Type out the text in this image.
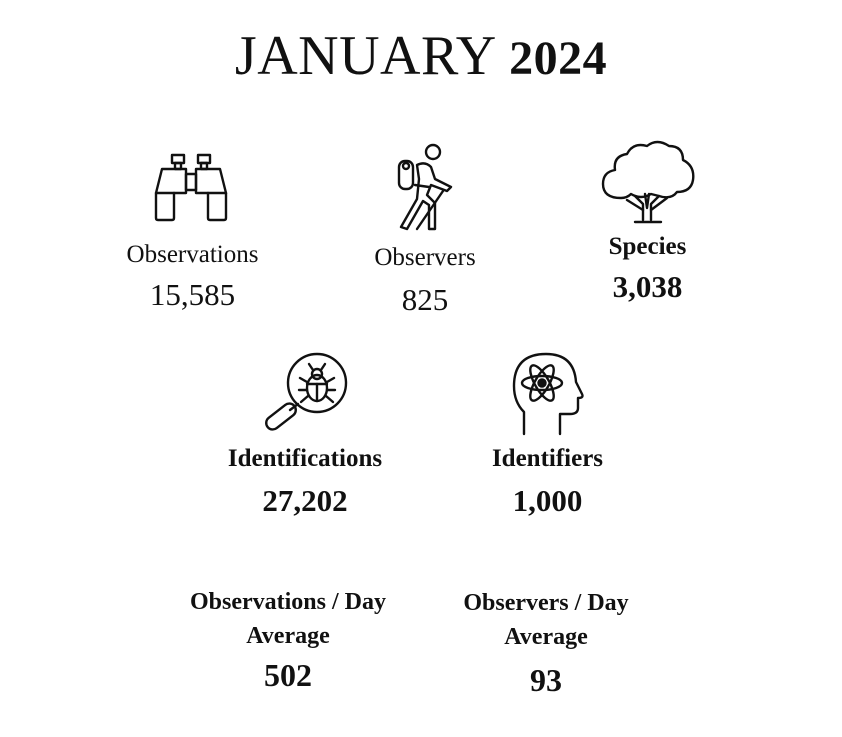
JANUARY 2024
Observations
15,585
Observers
825
Species
3,038
Identifications
27,202
Identifiers
1,000
Observations / Day
Average
502
Observers / Day
Average
93
